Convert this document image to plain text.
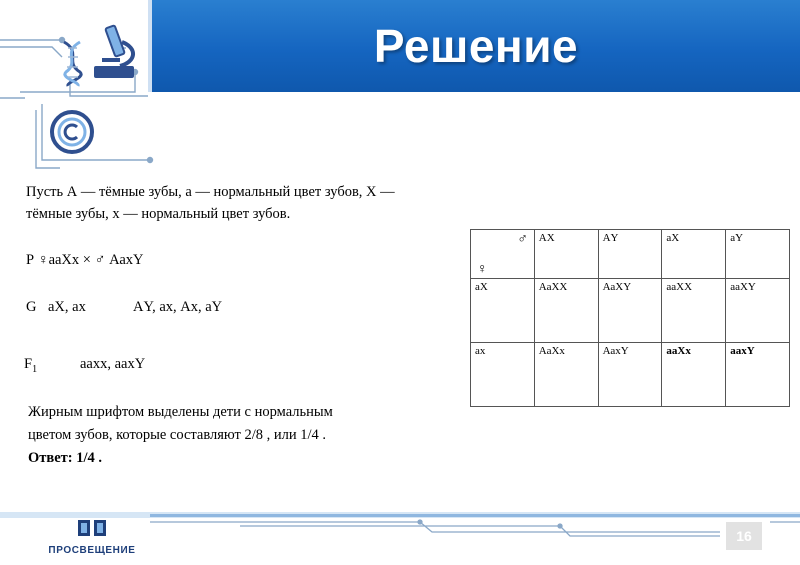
Решение
Пусть А — тёмные зубы, а — нормальный цвет зубов, Х —
тёмные зубы, х — нормальный цвет зубов.
Р ♀ааХх × ♂ АахY
G аХ, ах	АY, ах, Ах, аY
$F_1$	аахх, аахY
♂
♀	АХ	АY	аХ	аY
аХ	АаХХ	АаХY	ааХХ	ааХY
ах	АаХх	АахY	ааХх	аахY
Жирным шрифтом выделены дети с нормальным
цветом зубов, которые составляют 2/8 , или 1/4 .
Ответ: 1/4 .
16
ПРОСВЕЩЕНИЕ
